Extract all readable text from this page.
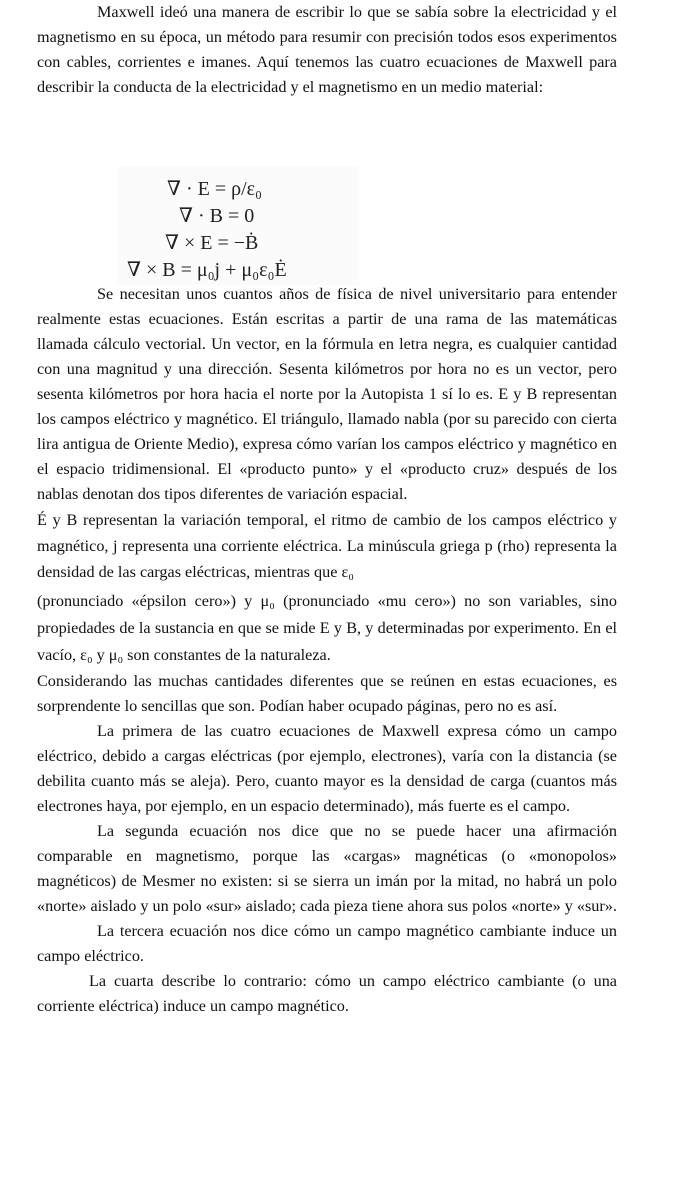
Maxwell ideó una manera de escribir lo que se sabía sobre la electricidad y el magnetismo en su época, un método para resumir con precisión todos esos experimentos con cables, corrientes e imanes. Aquí tenemos las cuatro ecuaciones de Maxwell para describir la conducta de la electricidad y el magnetismo en un medio material:

Se necesitan unos cuantos años de física de nivel universitario para entender realmente estas ecuaciones. Están escritas a partir de una rama de las matemáticas llamada cálculo vectorial. Un vector, en la fórmula en letra negra, es cualquier cantidad con una magnitud y una dirección. Sesenta kilómetros por hora no es un vector, pero sesenta kilómetros por hora hacia el norte por la Autopista 1 sí lo es. E y B representan los campos eléctrico y magnético. El triángulo, llamado nabla (por su parecido con cierta lira antigua de Oriente Medio), expresa cómo varían los campos eléctrico y magnético en el espacio tridimensional. El «producto punto» y el «producto cruz» después de los nablas denotan dos tipos diferentes de variación espacial.

É y B representan la variación temporal, el ritmo de cambio de los campos eléctrico y magnético, j representa una corriente eléctrica. La minúscula griega p (rho) representa la densidad de las cargas eléctricas, mientras que ε₀

(pronunciado «épsilon cero») y μ₀ (pronunciado «mu cero») no son variables, sino propiedades de la sustancia en que se mide E y B, y determinadas por experimento. En el vacío, ε₀ y μ₀ son constantes de la naturaleza.

Considerando las muchas cantidades diferentes que se reúnen en estas ecuaciones, es sorprendente lo sencillas que son. Podían haber ocupado páginas, pero no es así.

La primera de las cuatro ecuaciones de Maxwell expresa cómo un campo eléctrico, debido a cargas eléctricas (por ejemplo, electrones), varía con la distancia (se debilita cuanto más se aleja). Pero, cuanto mayor es la densidad de carga (cuantos más electrones haya, por ejemplo, en un espacio determinado), más fuerte es el campo.

La segunda ecuación nos dice que no se puede hacer una afirmación comparable en magnetismo, porque las «cargas» magnéticas (o «monopolos» magnéticos) de Mesmer no existen: si se sierra un imán por la mitad, no habrá un polo «norte» aislado y un polo «sur» aislado; cada pieza tiene ahora sus polos «norte» y «sur».

La tercera ecuación nos dice cómo un campo magnético cambiante induce un campo eléctrico.

La cuarta describe lo contrario: cómo un campo eléctrico cambiante (o una corriente eléctrica) induce un campo magnético.

∇ · E = ρ/ε₀
∇ · B = 0
∇ × E = −Ḃ
∇ × B = μ₀j + μ₀ε₀Ė
